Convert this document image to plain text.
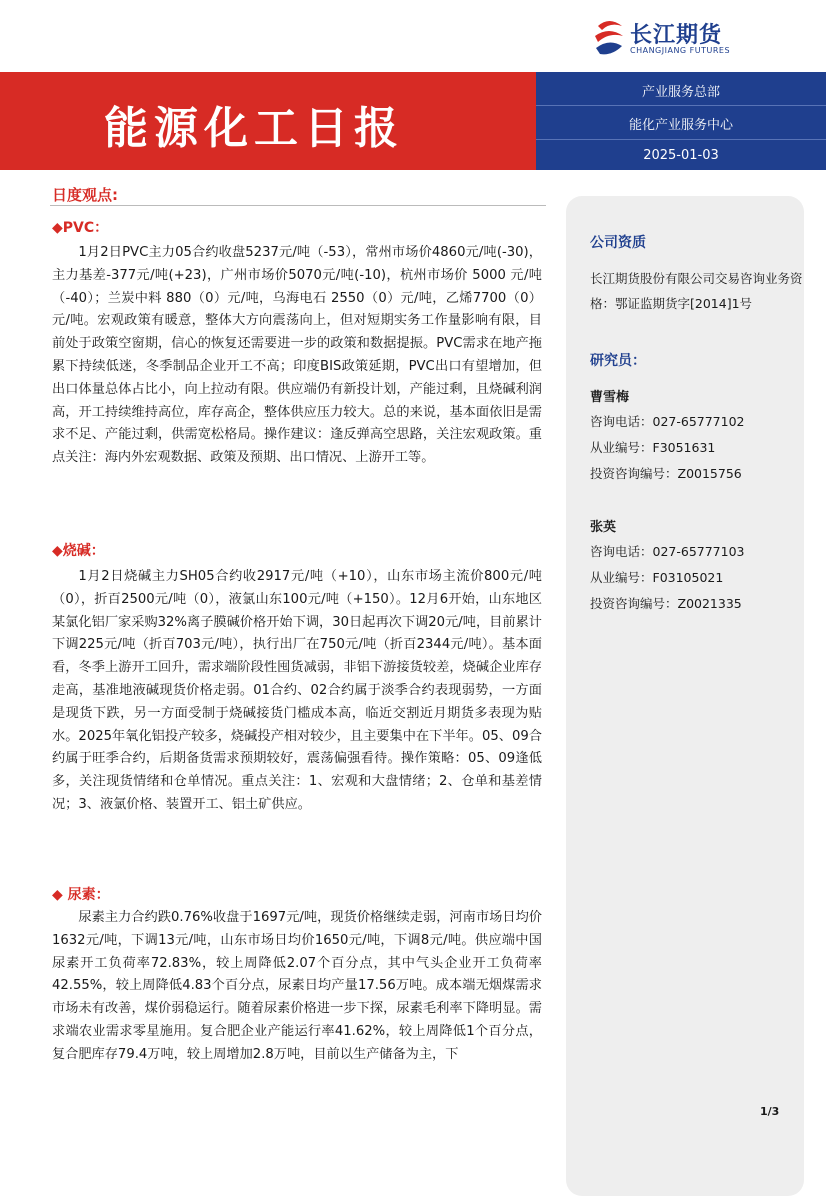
长江期货
CHANGJIANG FUTURES
能源化工日报
产业服务总部
能化产业服务中心
2025-01-03
日度观点:
◆PVC：
1月2日PVC主力05合约收盘5237元/吨（-53），常州市场价4860元/吨(-30)，主力基差-377元/吨(+23)，广州市场价5070元/吨(-10)，杭州市场价 5000 元/吨（-40）；兰炭中料 880（0）元/吨，乌海电石 2550（0）元/吨，乙烯7700（0）元/吨。宏观政策有暖意，整体大方向震荡向上，但对短期实务工作量影响有限，目前处于政策空窗期，信心的恢复还需要进一步的政策和数据提振。PVC需求在地产拖累下持续低迷，冬季制品企业开工不高；印度BIS政策延期，PVC出口有望增加，但出口体量总体占比小，向上拉动有限。供应端仍有新投计划，产能过剩，且烧碱利润高，开工持续维持高位，库存高企，整体供应压力较大。总的来说，基本面依旧是需求不足、产能过剩，供需宽松格局。操作建议：逢反弹高空思路，关注宏观政策。重点关注：海内外宏观数据、政策及预期、出口情况、上游开工等。
◆烧碱：
1月2日烧碱主力SH05合约收2917元/吨（+10），山东市场主流价800元/吨（0），折百2500元/吨（0），液氯山东100元/吨（+150）。12月6开始，山东地区某氯化铝厂家采购32%离子膜碱价格开始下调，30日起再次下调20元/吨，目前累计下调225元/吨（折百703元/吨），执行出厂在750元/吨（折百2344元/吨）。基本面看，冬季上游开工回升，需求端阶段性囤货减弱，非铝下游接货较差，烧碱企业库存走高，基准地液碱现货价格走弱。01合约、02合约属于淡季合约表现弱势，一方面是现货下跌，另一方面受制于烧碱接货门槛成本高，临近交割近月期货多表现为贴水。2025年氧化铝投产较多，烧碱投产相对较少，且主要集中在下半年。05、09合约属于旺季合约，后期备货需求预期较好，震荡偏强看待。操作策略：05、09逢低多，关注现货情绪和仓单情况。重点关注：1、宏观和大盘情绪；2、仓单和基差情况；3、液氯价格、装置开工、铝土矿供应。
◆ 尿素：
尿素主力合约跌0.76%收盘于1697元/吨，现货价格继续走弱，河南市场日均价1632元/吨，下调13元/吨，山东市场日均价1650元/吨，下调8元/吨。供应端中国尿素开工负荷率72.83%，较上周降低2.07个百分点，其中气头企业开工负荷率42.55%，较上周降低4.83个百分点，尿素日均产量17.56万吨。成本端无烟煤需求市场未有改善，煤价弱稳运行。随着尿素价格进一步下探，尿素毛利率下降明显。需求端农业需求零星施用。复合肥企业产能运行率41.62%，较上周降低1个百分点，复合肥库存79.4万吨，较上周增加2.8万吨，目前以生产储备为主，下
公司资质
长江期货股份有限公司交易咨询业务资格：鄂证监期货字[2014]1号
研究员：
曹雪梅
咨询电话：027-65777102
从业编号：F3051631
投资咨询编号：Z0015756
张英
咨询电话：027-65777103
从业编号：F03105021
投资咨询编号：Z0021335
1/3
